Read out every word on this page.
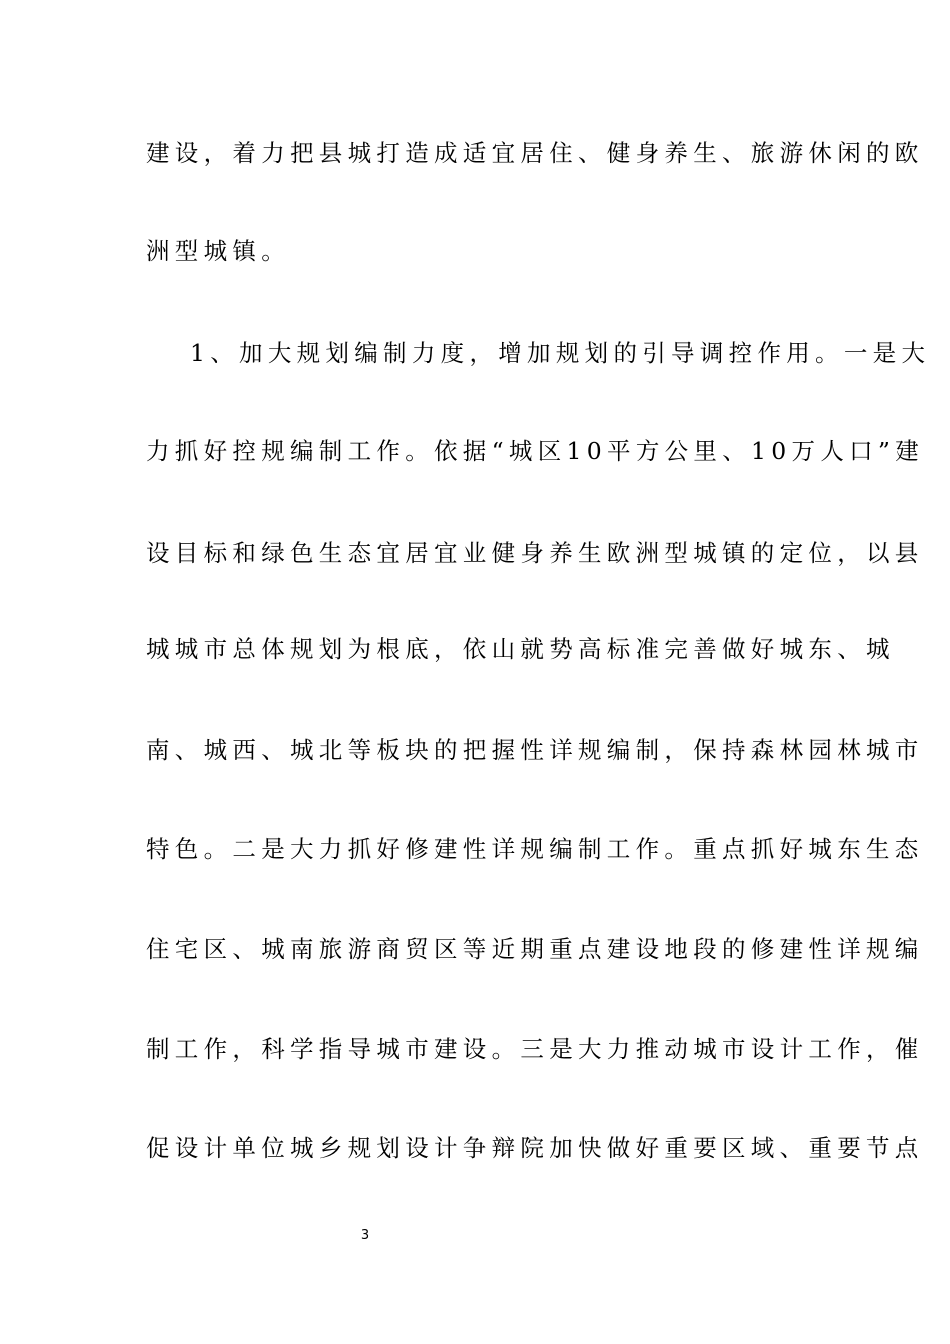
建设，着力把县城打造成适宜居住、健身养生、旅游休闲的欧
洲型城镇。
1、加大规划编制力度，增加规划的引导调控作用。一是大
力抓好控规编制工作。依据“城区10平方公里、10万人口”建
设目标和绿色生态宜居宜业健身养生欧洲型城镇的定位，以县
城城市总体规划为根底，依山就势高标准完善做好城东、城
南、城西、城北等板块的把握性详规编制，保持森林园林城市
特色。二是大力抓好修建性详规编制工作。重点抓好城东生态
住宅区、城南旅游商贸区等近期重点建设地段的修建性详规编
制工作，科学指导城市建设。三是大力推动城市设计工作，催
促设计单位城乡规划设计争辩院加快做好重要区域、重要节点
3
